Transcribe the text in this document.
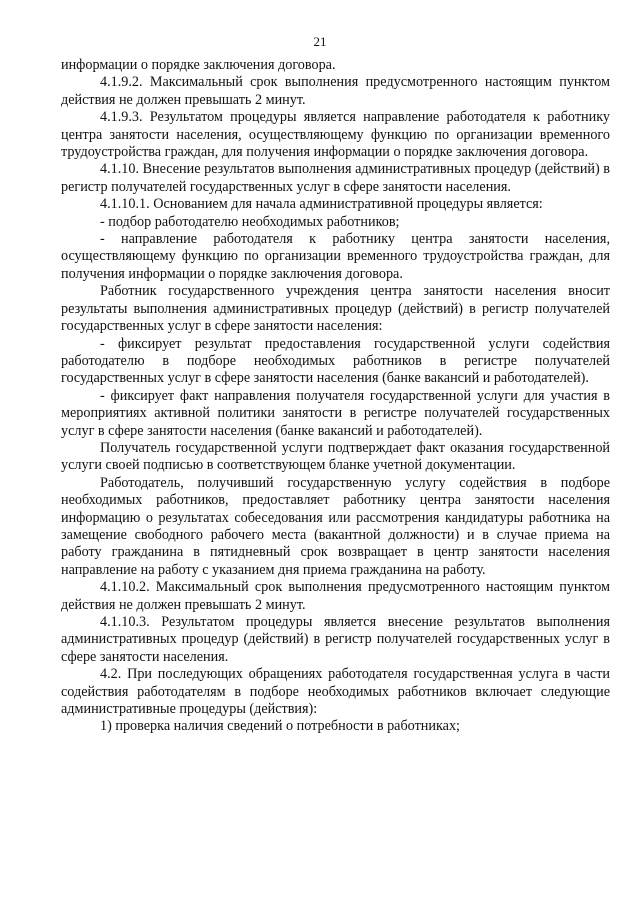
21

информации о порядке заключения договора.

4.1.9.2. Максимальный срок выполнения предусмотренного настоящим пунктом действия не должен превышать 2 минут.

4.1.9.3. Результатом процедуры является направление работодателя к работнику центра занятости населения, осуществляющему функцию по организации временного трудоустройства граждан, для получения информации о порядке заключения договора.

4.1.10. Внесение результатов выполнения административных процедур (действий) в регистр получателей государственных услуг в сфере занятости населения.

4.1.10.1. Основанием для начала административной процедуры является:

- подбор работодателю необходимых работников;

- направление работодателя к работнику центра занятости населения, осуществляющему функцию по организации временного трудоустройства граждан, для получения информации о порядке заключения договора.

Работник государственного учреждения центра занятости населения вносит результаты выполнения административных процедур (действий) в регистр получателей государственных услуг в сфере занятости населения:

- фиксирует результат предоставления государственной услуги содействия работодателю в подборе необходимых работников в регистре получателей государственных услуг в сфере занятости населения (банке вакансий и работодателей).

- фиксирует факт направления получателя государственной услуги для участия в мероприятиях активной политики занятости в регистре получателей государственных услуг в сфере занятости населения (банке вакансий и работодателей).

Получатель государственной услуги подтверждает факт оказания государственной услуги своей подписью в соответствующем бланке учетной документации.

Работодатель, получивший государственную услугу содействия в подборе необходимых работников, предоставляет работнику центра занятости населения информацию о результатах собеседования или рассмотрения кандидатуры работника на замещение свободного рабочего места (вакантной должности) и в случае приема на работу гражданина в пятидневный срок возвращает в центр занятости населения направление на работу с указанием дня приема гражданина на работу.

4.1.10.2. Максимальный срок выполнения предусмотренного настоящим пунктом действия не должен превышать 2 минут.

4.1.10.3. Результатом процедуры является внесение результатов выполнения административных процедур (действий) в регистр получателей государственных услуг в сфере занятости населения.

4.2. При последующих обращениях работодателя государственная услуга в части содействия работодателям в подборе необходимых работников включает следующие административные процедуры (действия):

1) проверка наличия сведений о потребности в работниках;
